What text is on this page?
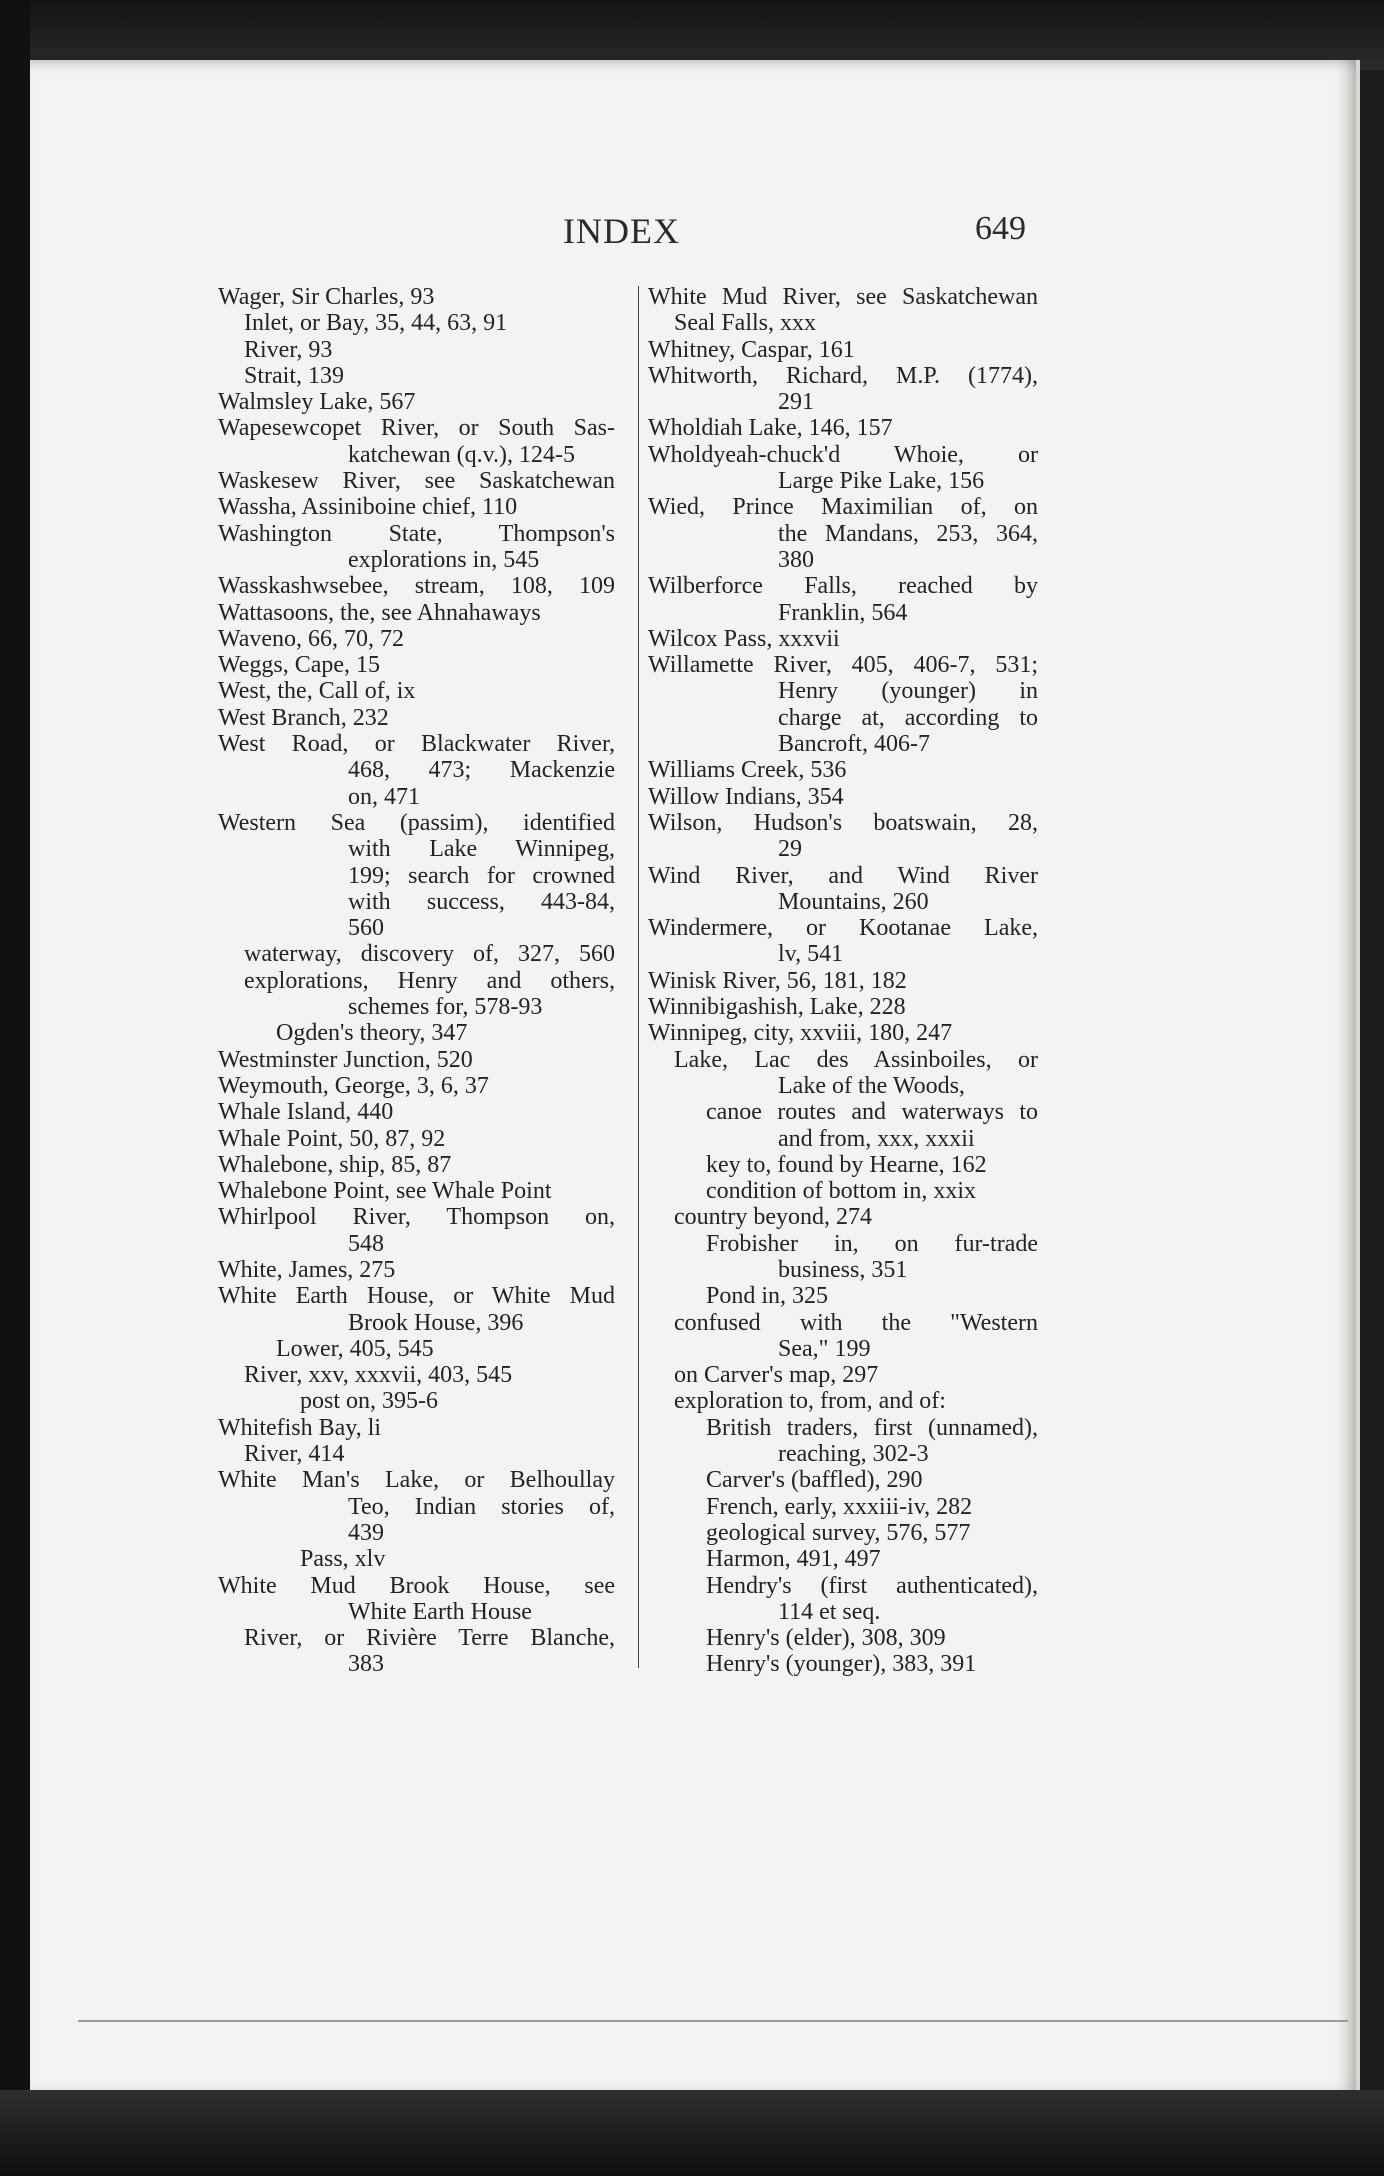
INDEX	649
Wager, Sir Charles, 93
Inlet, or Bay, 35, 44, 63, 91
River, 93
Strait, 139
Walmsley Lake, 567
Wapesewcopet River, or South Sas-
katchewan (q.v.), 124-5
Waskesew River, see Saskatchewan
Wassha, Assiniboine chief, 110
Washington State, Thompson's
explorations in, 545
Wasskashwsebee, stream, 108, 109
Wattasoons, the, see Ahnahaways
Waveno, 66, 70, 72
Weggs, Cape, 15
West, the, Call of, ix
West Branch, 232
West Road, or Blackwater River,
468, 473; Mackenzie
on, 471
Western Sea (passim), identified
with Lake Winnipeg,
199; search for crowned
with success, 443-84,
560
waterway, discovery of, 327, 560
explorations, Henry and others,
schemes for, 578-93
Ogden's theory, 347
Westminster Junction, 520
Weymouth, George, 3, 6, 37
Whale Island, 440
Whale Point, 50, 87, 92
Whalebone, ship, 85, 87
Whalebone Point, see Whale Point
Whirlpool River, Thompson on,
548
White, James, 275
White Earth House, or White Mud
Brook House, 396
Lower, 405, 545
River, xxv, xxxvii, 403, 545
post on, 395-6
Whitefish Bay, li
River, 414
White Man's Lake, or Belhoullay
Teo, Indian stories of,
439
Pass, xlv
White Mud Brook House, see
White Earth House
River, or Rivière Terre Blanche,
383
White Mud River, see Saskatchewan
Seal Falls, xxx
Whitney, Caspar, 161
Whitworth, Richard, M.P. (1774),
291
Wholdiah Lake, 146, 157
Wholdyeah-chuck'd Whoie, or
Large Pike Lake, 156
Wied, Prince Maximilian of, on
the Mandans, 253, 364,
380
Wilberforce Falls, reached by
Franklin, 564
Wilcox Pass, xxxvii
Willamette River, 405, 406-7, 531;
Henry (younger) in
charge at, according to
Bancroft, 406-7
Williams Creek, 536
Willow Indians, 354
Wilson, Hudson's boatswain, 28,
29
Wind River, and Wind River
Mountains, 260
Windermere, or Kootanae Lake,
lv, 541
Winisk River, 56, 181, 182
Winnibigashish, Lake, 228
Winnipeg, city, xxviii, 180, 247
Lake, Lac des Assinboiles, or
Lake of the Woods,
canoe routes and waterways to
and from, xxx, xxxii
key to, found by Hearne, 162
condition of bottom in, xxix
country beyond, 274
Frobisher in, on fur-trade
business, 351
Pond in, 325
confused with the "Western
Sea," 199
on Carver's map, 297
exploration to, from, and of:
British traders, first (unnamed),
reaching, 302-3
Carver's (baffled), 290
French, early, xxxiii-iv, 282
geological survey, 576, 577
Harmon, 491, 497
Hendry's (first authenticated),
114 et seq.
Henry's (elder), 308, 309
Henry's (younger), 383, 391
